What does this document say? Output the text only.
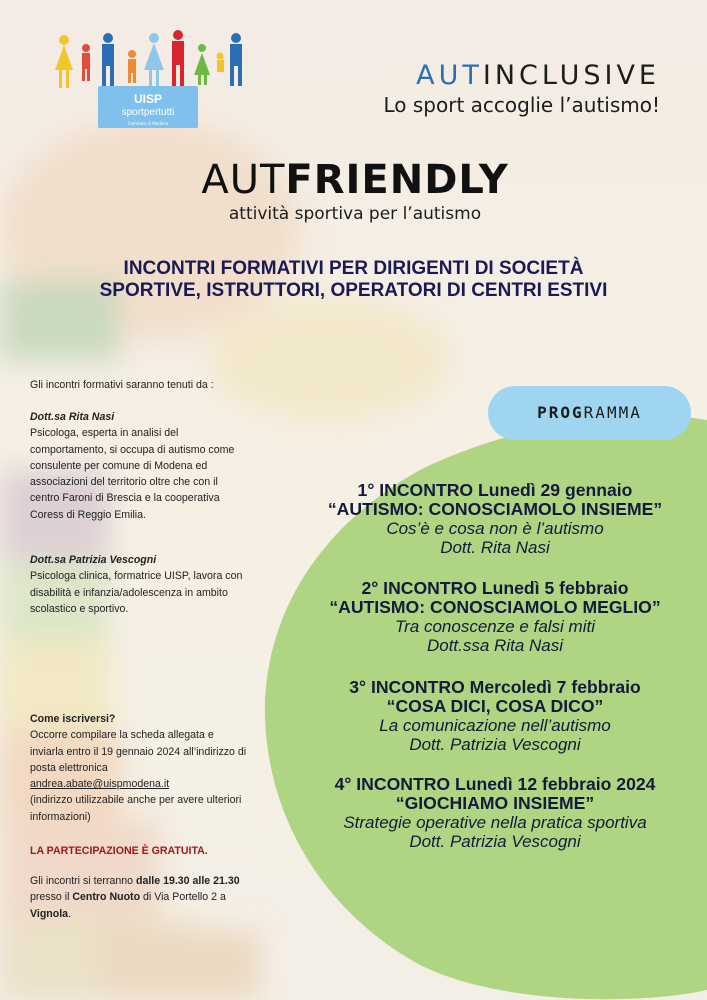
UISP
sportpertutti
Comitato di Modena
AUTINCLUSIVE
Lo sport accoglie l’autismo!
AUTFRIENDLY
attività sportiva per l’autismo
INCONTRI FORMATIVI PER DIRIGENTI DI SOCIETÀ
SPORTIVE, ISTRUTTORI, OPERATORI DI CENTRI ESTIVI
Gli incontri formativi saranno tenuti da :
Dott.sa Rita Nasi
Psicologa, esperta in analisi del comportamento, si occupa di autismo come consulente per comune di Modena ed associazioni del territorio oltre che con il centro Faroni di Brescia e la cooperativa Coress di Reggio Emilia.
Dott.sa Patrizia Vescogni
Psicologa clinica, formatrice UISP, lavora con disabilità e infanzia/adolescenza in ambito scolastico e sportivo.
Come iscriversi?
Occorre compilare la scheda allegata e inviarla entro il 19 gennaio 2024 all’indirizzo di posta elettronica
andrea.abate@uispmodena.it
(indirizzo utilizzabile anche per avere ulteriori informazioni)
LA PARTECIPAZIONE È GRATUITA.
Gli incontri si terranno dalle 19.30 alle 21.30 presso il Centro Nuoto di Via Portello 2 a Vignola.
PROGRAMMA
1° INCONTRO Lunedì 29 gennaio
“AUTISMO: CONOSCIAMOLO INSIEME”
Cos’è e cosa non è l’autismo
Dott. Rita Nasi
2° INCONTRO Lunedì 5 febbraio
“AUTISMO: CONOSCIAMOLO MEGLIO”
Tra conoscenze e falsi miti
Dott.ssa Rita Nasi
3° INCONTRO Mercoledì 7 febbraio
“COSA DICI, COSA DICO”
La comunicazione nell’autismo
Dott. Patrizia Vescogni
4° INCONTRO Lunedì 12 febbraio 2024
“GIOCHIAMO INSIEME”
Strategie operative nella pratica sportiva
Dott. Patrizia Vescogni
